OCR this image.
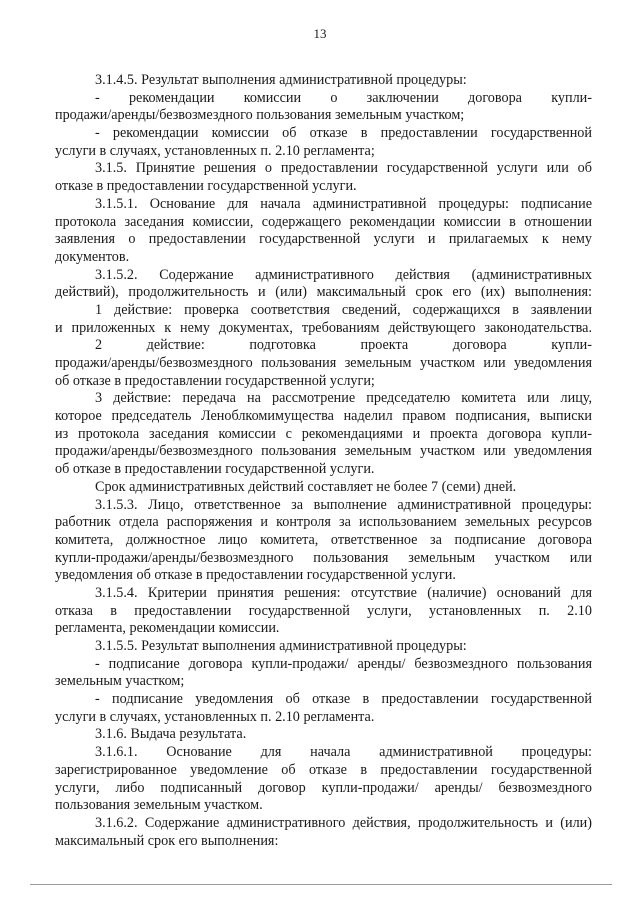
13
3.1.4.5. Результат выполнения административной процедуры:
- рекомендации комиссии о заключении договора купли-
продажи/аренды/безвозмездного пользования земельным участком;
- рекомендации комиссии об отказе в предоставлении государственной
услуги в случаях, установленных п. 2.10 регламента;
3.1.5. Принятие решения о предоставлении государственной услуги или об
отказе в предоставлении государственной услуги.
3.1.5.1. Основание для начала административной процедуры: подписание
протокола заседания комиссии, содержащего рекомендации комиссии в отношении
заявления о предоставлении государственной услуги и прилагаемых к нему
документов.
3.1.5.2. Содержание административного действия (административных
действий), продолжительность и (или) максимальный срок его (их) выполнения:
1 действие: проверка соответствия сведений, содержащихся в заявлении
и приложенных к нему документах, требованиям действующего законодательства.
2 действие: подготовка проекта договора купли-
продажи/аренды/безвозмездного пользования земельным участком или уведомления
об отказе в предоставлении государственной услуги;
3 действие: передача на рассмотрение председателю комитета или лицу,
которое председатель Леноблкомимущества наделил правом подписания, выписки
из протокола заседания комиссии с рекомендациями и проекта договора купли-
продажи/аренды/безвозмездного пользования земельным участком или уведомления
об отказе в предоставлении государственной услуги.
Срок административных действий составляет не более 7 (семи) дней.
3.1.5.3. Лицо, ответственное за выполнение административной процедуры:
работник отдела распоряжения и контроля за использованием земельных ресурсов
комитета, должностное лицо комитета, ответственное за подписание договора
купли-продажи/аренды/безвозмездного пользования земельным участком или
уведомления об отказе в предоставлении государственной услуги.
3.1.5.4. Критерии принятия решения: отсутствие (наличие) оснований для
отказа в предоставлении государственной услуги, установленных п. 2.10
регламента, рекомендации комиссии.
3.1.5.5. Результат выполнения административной процедуры:
- подписание договора купли-продажи/ аренды/ безвозмездного пользования
земельным участком;
- подписание уведомления об отказе в предоставлении государственной
услуги в случаях, установленных п. 2.10 регламента.
3.1.6. Выдача результата.
3.1.6.1. Основание для начала административной процедуры:
зарегистрированное уведомление об отказе в предоставлении государственной
услуги, либо подписанный договор купли-продажи/ аренды/ безвозмездного
пользования земельным участком.
3.1.6.2. Содержание административного действия, продолжительность и (или)
максимальный срок его выполнения:
